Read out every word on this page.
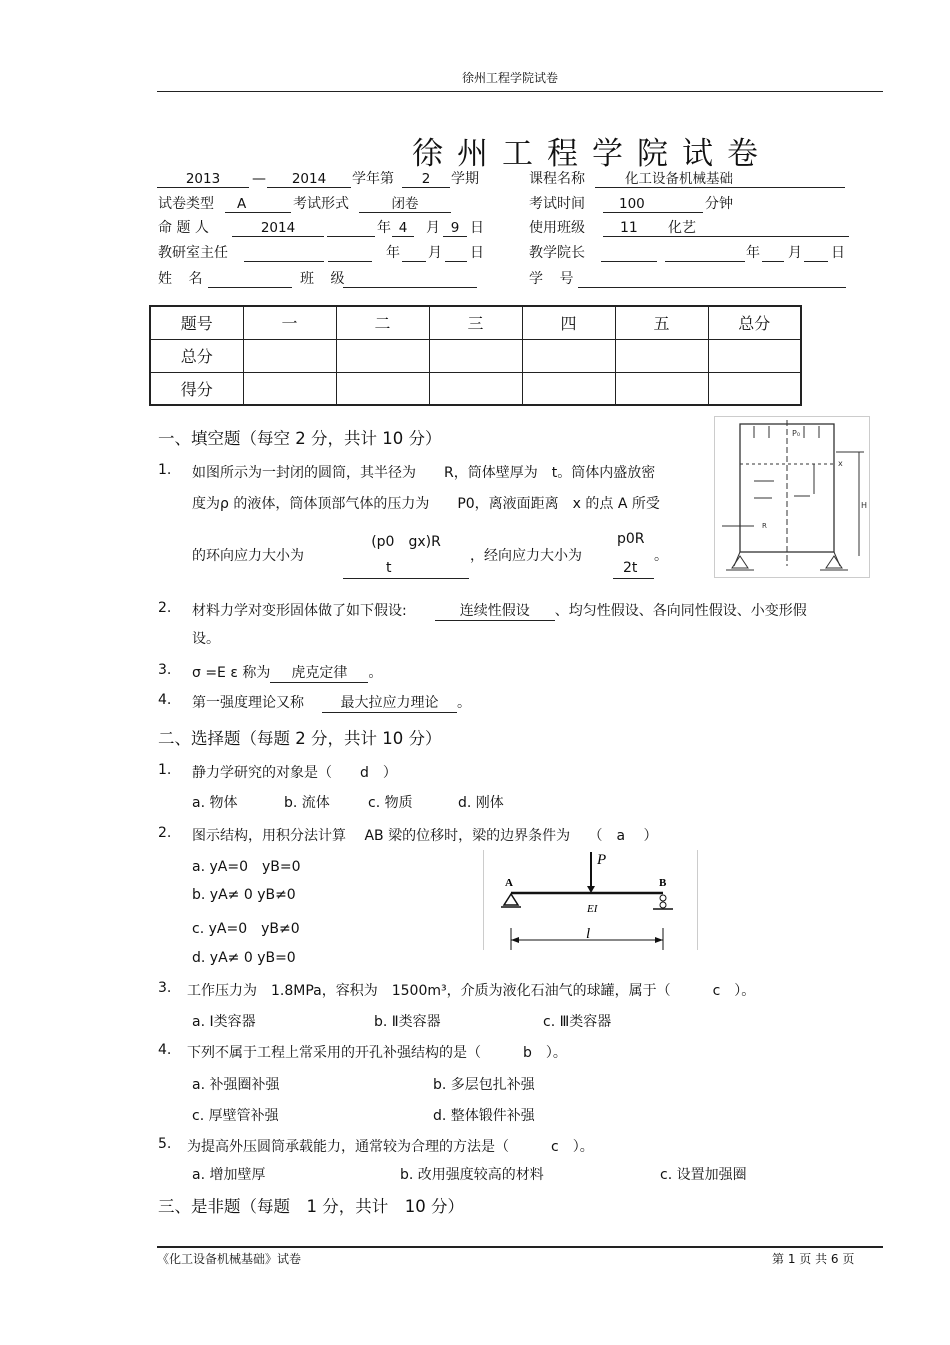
徐州工程学院试卷
徐州工程学院试卷
2013	—	2014	学年第	2	学期	课程名称	化工设备机械基础
试卷类型	A	考试形式	闭卷	考试时间	100	分钟
命 题 人	2014	年 4	月 9 日	使用班级	11 化艺
教研室主任	年 月 日	教学院长	年 月 日
姓 名	班 级	学 号
题号	一	二	三	四	五	总分
总分						
得分						
一、填空题（每空 2 分，共计 10 分）
1. 如图所示为一封闭的圆筒，其半径为　　R，筒体壁厚为　t。筒体内盛放密
度为ρ 的液体，筒体顶部气体的压力为　　P0，离液面距离　x 的点 A 所受
的环向应力大小为
(p0　gx)R
t
，经向应力大小为
p0R
2t
。
P₀
x
H
R
2. 材料力学对变形固体做了如下假设:	连续性假设 、均匀性假设、各向同性假设、小变形假
设。
3. σ =E ε 称为 虎克定律 。
4. 第一强度理论又称	最大拉应力理论 。
二、选择题（每题 2 分，共计 10 分）
1. 静力学研究的对象是（　　d　）
a. 物体	b. 流体	c. 物质	d. 刚体
2. 图示结构，用积分法计算　 AB 梁的位移时，梁的边界条件为　 （　a　 ）
a. yA=0　yB=0
b. yA≠ 0 yB≠0
c. yA=0　yB≠0
d. yA≠ 0 yB=0
P
A	B
EI
l
3. 工作压力为　1.8MPa，容积为　1500m³，介质为液化石油气的球罐，属于（　　　c　）。
a. Ⅰ类容器	b. Ⅱ类容器	c. Ⅲ类容器
4. 下列不属于工程上常采用的开孔补强结构的是（　　　b　）。
a. 补强圈补强	b. 多层包扎补强
c. 厚壁管补强	d. 整体锻件补强
5. 为提高外压圆筒承载能力，通常较为合理的方法是（　　　c　）。
a. 增加壁厚	b. 改用强度较高的材料	c. 设置加强圈
三、是非题（每题　1 分，共计　10 分）
《化工设备机械基础》试卷	第 1 页 共 6 页
